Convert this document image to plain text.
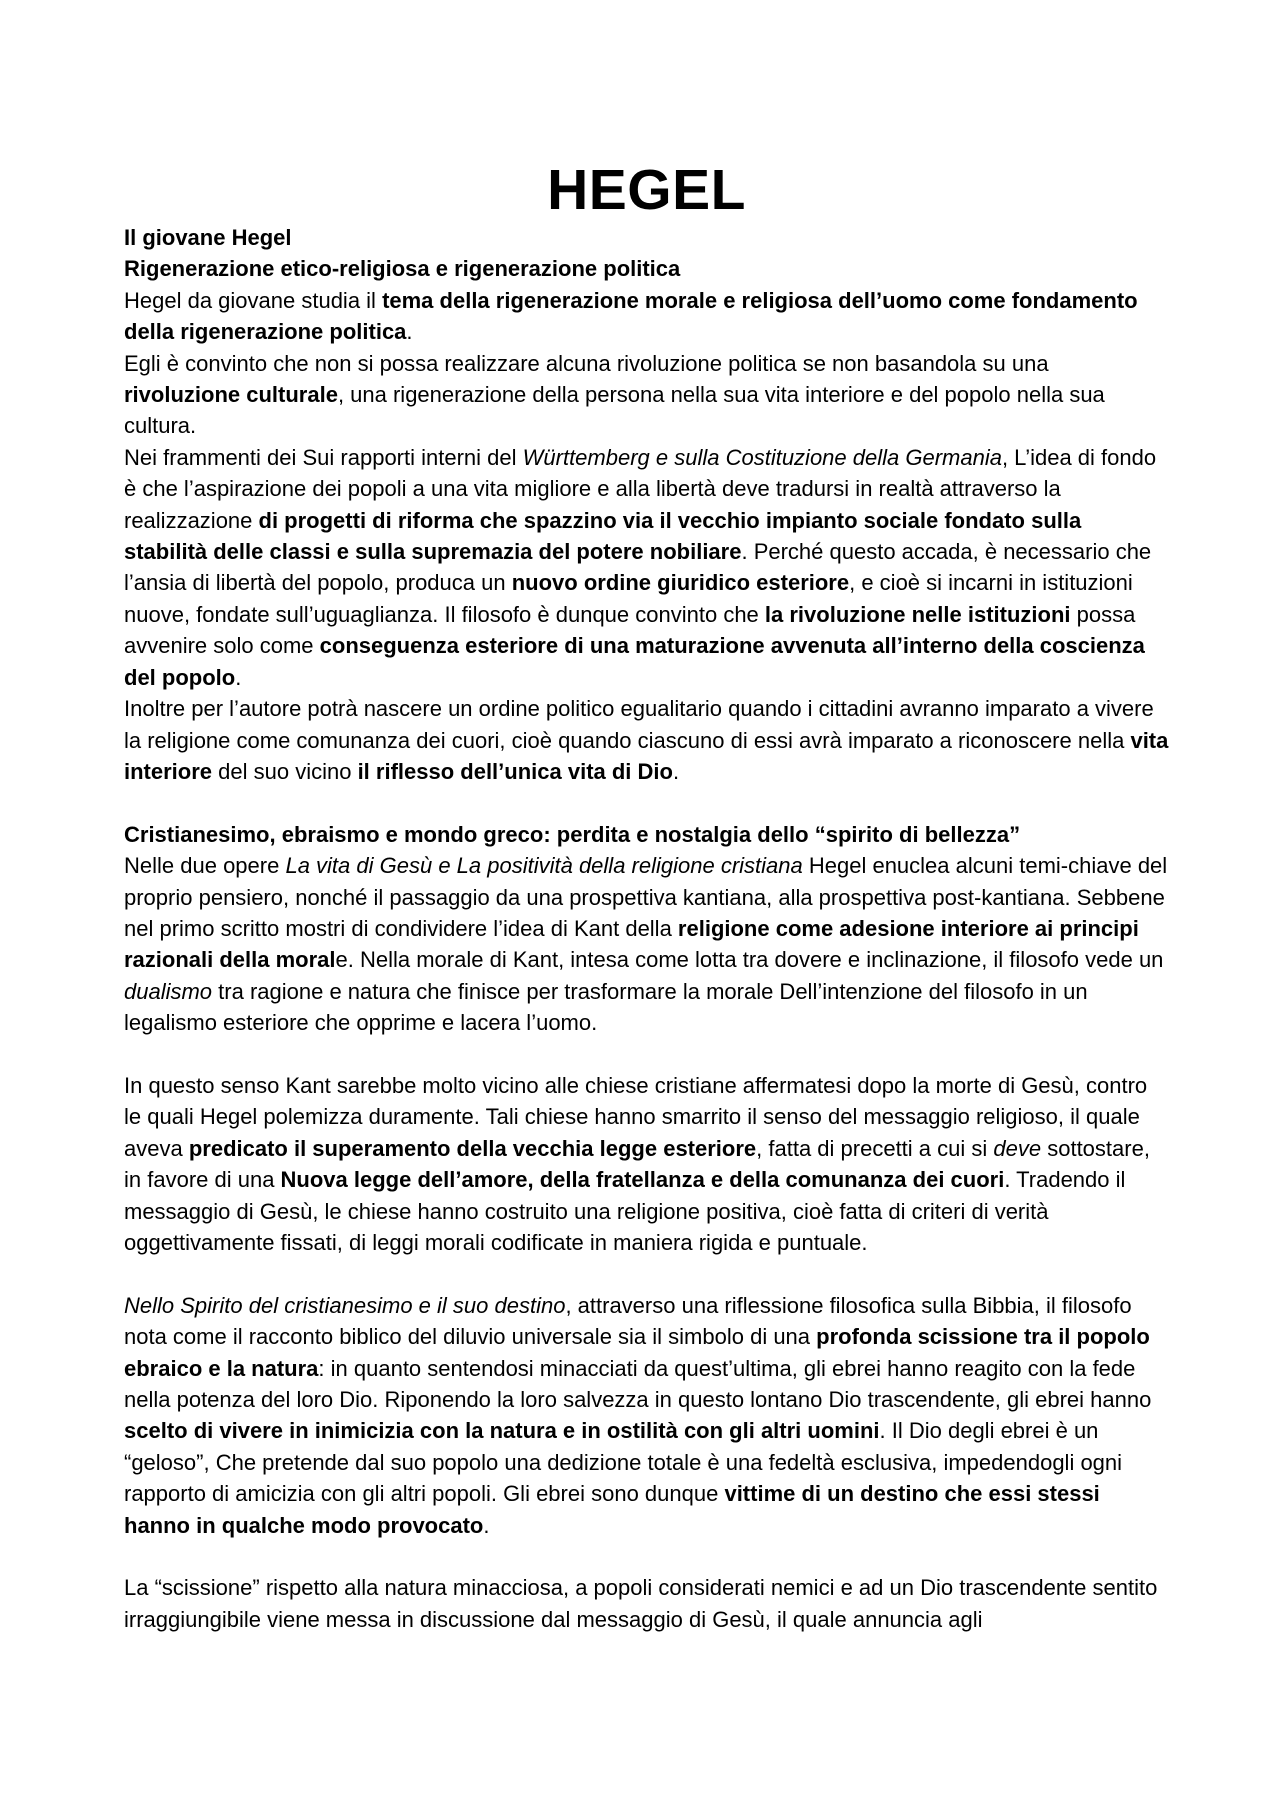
HEGEL

Il giovane Hegel

Rigenerazione etico-religiosa e rigenerazione politica

Hegel da giovane studia il tema della rigenerazione morale e religiosa dell’uomo come fondamento della rigenerazione politica.

Egli è convinto che non si possa realizzare alcuna rivoluzione politica se non basandola su una rivoluzione culturale, una rigenerazione della persona nella sua vita interiore e del popolo nella sua cultura.

Nei frammenti dei Sui rapporti interni del Württemberg e sulla Costituzione della Germania, L’idea di fondo è che l’aspirazione dei popoli a una vita migliore e alla libertà deve tradursi in realtà attraverso la realizzazione di progetti di riforma che spazzino via il vecchio impianto sociale fondato sulla stabilità delle classi e sulla supremazia del potere nobiliare. Perché questo accada, è necessario che l’ansia di libertà del popolo, produca un nuovo ordine giuridico esteriore, e cioè si incarni in istituzioni nuove, fondate sull’uguaglianza. Il filosofo è dunque convinto che la rivoluzione nelle istituzioni possa avvenire solo come conseguenza esteriore di una maturazione avvenuta all’interno della coscienza del popolo.

Inoltre per l’autore potrà nascere un ordine politico egualitario quando i cittadini avranno imparato a vivere la religione come comunanza dei cuori, cioè quando ciascuno di essi avrà imparato a riconoscere nella vita interiore del suo vicino il riflesso dell’unica vita di Dio.

Cristianesimo, ebraismo e mondo greco: perdita e nostalgia dello “spirito di bellezza”

Nelle due opere La vita di Gesù e La positività della religione cristiana Hegel enuclea alcuni temi-chiave del proprio pensiero, nonché il passaggio da una prospettiva kantiana, alla prospettiva post-kantiana. Sebbene nel primo scritto mostri di condividere l’idea di Kant della religione come adesione interiore ai principi razionali della morale. Nella morale di Kant, intesa come lotta tra dovere e inclinazione, il filosofo vede un dualismo tra ragione e natura che finisce per trasformare la morale Dell’intenzione del filosofo in un legalismo esteriore che opprime e lacera l’uomo.

In questo senso Kant sarebbe molto vicino alle chiese cristiane affermatesi dopo la morte di Gesù, contro le quali Hegel polemizza duramente. Tali chiese hanno smarrito il senso del messaggio religioso, il quale aveva predicato il superamento della vecchia legge esteriore, fatta di precetti a cui si deve sottostare, in favore di una Nuova legge dell’amore, della fratellanza e della comunanza dei cuori. Tradendo il messaggio di Gesù, le chiese hanno costruito una religione positiva, cioè fatta di criteri di verità oggettivamente fissati, di leggi morali codificate in maniera rigida e puntuale.

Nello Spirito del cristianesimo e il suo destino, attraverso una riflessione filosofica sulla Bibbia, il filosofo nota come il racconto biblico del diluvio universale sia il simbolo di una profonda scissione tra il popolo ebraico e la natura: in quanto sentendosi minacciati da quest’ultima, gli ebrei hanno reagito con la fede nella potenza del loro Dio. Riponendo la loro salvezza in questo lontano Dio trascendente, gli ebrei hanno scelto di vivere in inimicizia con la natura e in ostilità con gli altri uomini. Il Dio degli ebrei è un “geloso”, Che pretende dal suo popolo una dedizione totale è una fedeltà esclusiva, impedendogli ogni rapporto di amicizia con gli altri popoli. Gli ebrei sono dunque vittime di un destino che essi stessi hanno in qualche modo provocato.

La “scissione” rispetto alla natura minacciosa, a popoli considerati nemici e ad un Dio trascendente sentito irraggiungibile viene messa in discussione dal messaggio di Gesù, il quale annuncia agli
